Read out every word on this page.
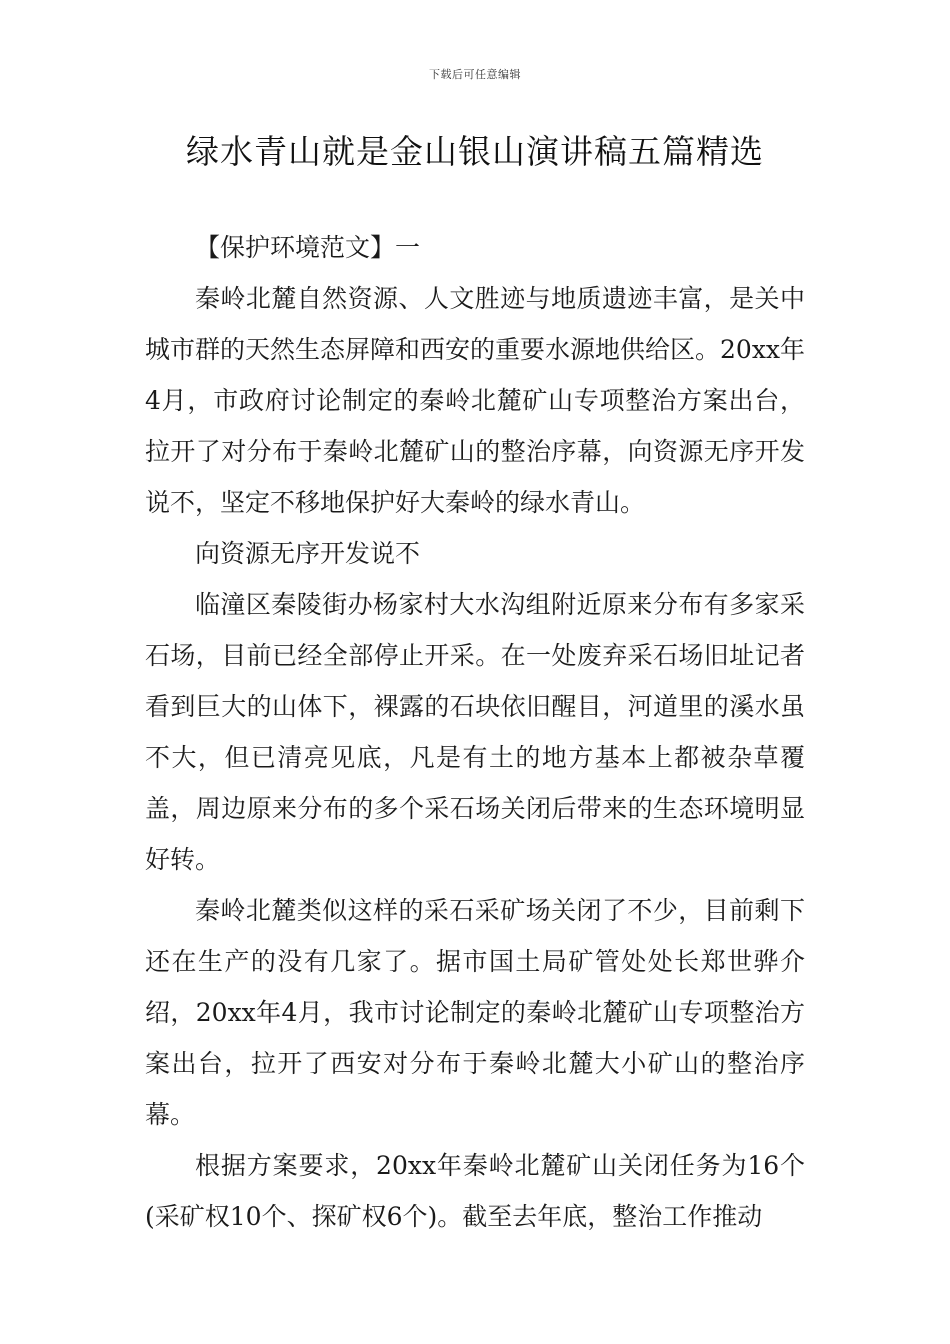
下载后可任意编辑
绿水青山就是金山银山演讲稿五篇精选

【保护环境范文】一

秦岭北麓自然资源、人文胜迹与地质遗迹丰富，是关中城市群的天然生态屏障和西安的重要水源地供给区。20xx年4月，市政府讨论制定的秦岭北麓矿山专项整治方案出台，拉开了对分布于秦岭北麓矿山的整治序幕，向资源无序开发说不，坚定不移地保护好大秦岭的绿水青山。

向资源无序开发说不

临潼区秦陵街办杨家村大水沟组附近原来分布有多家采石场，目前已经全部停止开采。在一处废弃采石场旧址记者看到巨大的山体下，裸露的石块依旧醒目，河道里的溪水虽不大，但已清亮见底，凡是有土的地方基本上都被杂草覆盖，周边原来分布的多个采石场关闭后带来的生态环境明显好转。

秦岭北麓类似这样的采石采矿场关闭了不少，目前剩下还在生产的没有几家了。据市国土局矿管处处长郑世骅介绍，20xx年4月，我市讨论制定的秦岭北麓矿山专项整治方案出台，拉开了西安对分布于秦岭北麓大小矿山的整治序幕。

根据方案要求，20xx年秦岭北麓矿山关闭任务为16个(采矿权10个、探矿权6个)。截至去年底，整治工作推动
